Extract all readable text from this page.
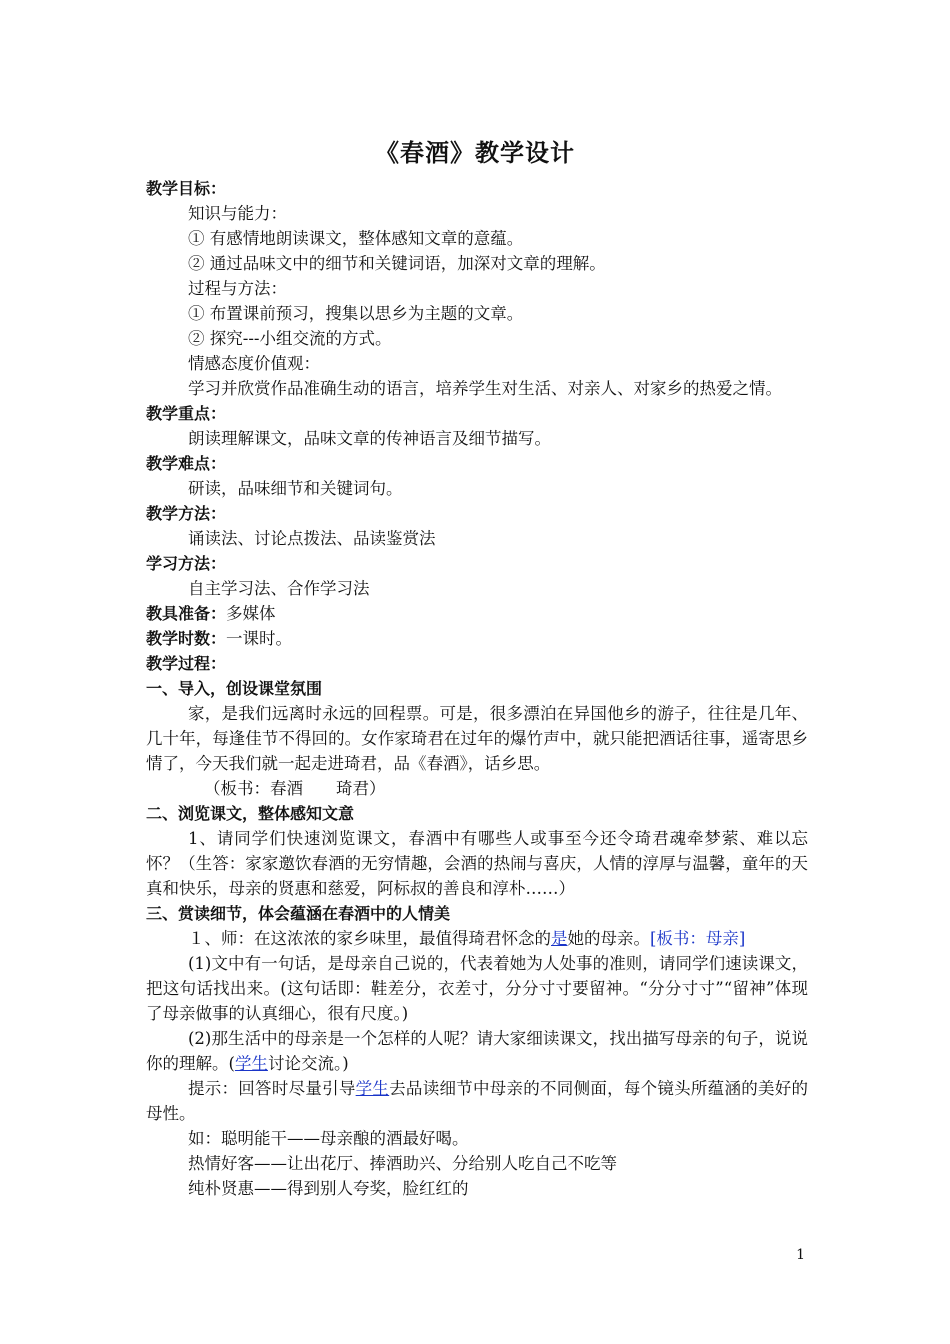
《春酒》教学设计

教学目标：

知识与能力：

① 有感情地朗读课文，整体感知文章的意蕴。

② 通过品味文中的细节和关键词语，加深对文章的理解。

过程与方法：

① 布置课前预习，搜集以思乡为主题的文章。

② 探究---小组交流的方式。

情感态度价值观：

学习并欣赏作品准确生动的语言，培养学生对生活、对亲人、对家乡的热爱之情。

教学重点：

朗读理解课文，品味文章的传神语言及细节描写。

教学难点：

研读，品味细节和关键词句。

教学方法：

诵读法、讨论点拨法、品读鉴赏法

学习方法：

自主学习法、合作学习法

教具准备：多媒体

教学时数：一课时。

教学过程：

一、导入，创设课堂氛围

家，是我们远离时永远的回程票。可是，很多漂泊在异国他乡的游子，往往是几年、几十年，每逢佳节不得回的。女作家琦君在过年的爆竹声中，就只能把酒话往事，遥寄思乡情了，今天我们就一起走进琦君，品《春酒》，话乡思。

（板书：春酒　　琦君）

二、浏览课文，整体感知文意

1、请同学们快速浏览课文，春酒中有哪些人或事至今还令琦君魂牵梦萦、难以忘怀？（生答：家家邀饮春酒的无穷情趣，会酒的热闹与喜庆，人情的淳厚与温馨，童年的天真和快乐，母亲的贤惠和慈爱，阿标叔的善良和淳朴……）

三、赏读细节，体会蕴涵在春酒中的人情美

１、师：在这浓浓的家乡味里，最值得琦君怀念的是她的母亲。[板书：母亲]

(1)文中有一句话，是母亲自己说的，代表着她为人处事的准则，请同学们速读课文，把这句话找出来。(这句话即：鞋差分，衣差寸，分分寸寸要留神。“分分寸寸”“留神”体现了母亲做事的认真细心，很有尺度。)

(2)那生活中的母亲是一个怎样的人呢？请大家细读课文，找出描写母亲的句子，说说你的理解。(学生讨论交流。)

提示：回答时尽量引导学生去品读细节中母亲的不同侧面，每个镜头所蕴涵的美好的母性。

如：聪明能干——母亲酿的酒最好喝。

热情好客——让出花厅、捧酒助兴、分给别人吃自己不吃等

纯朴贤惠——得到别人夸奖，脸红红的

1
